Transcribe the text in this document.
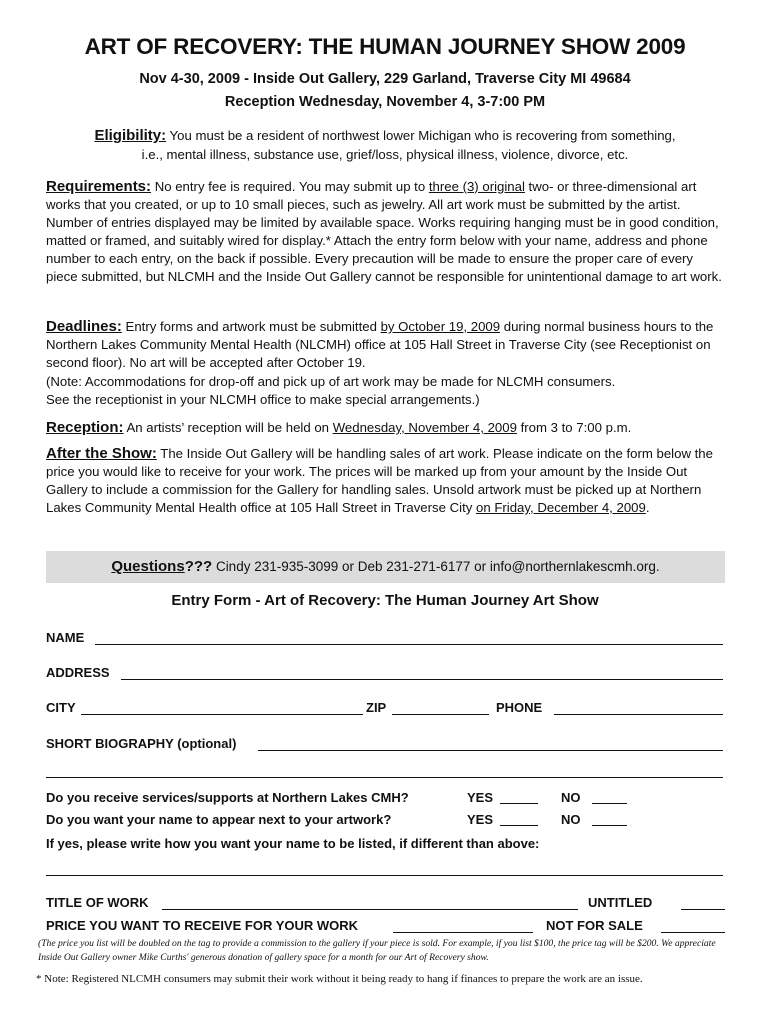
ART OF RECOVERY: THE HUMAN JOURNEY SHOW 2009
Nov 4-30, 2009 - Inside Out Gallery, 229 Garland, Traverse City MI 49684
Reception Wednesday, November 4, 3-7:00 PM
Eligibility: You must be a resident of northwest lower Michigan who is recovering from something,
i.e., mental illness, substance use, grief/loss, physical illness, violence, divorce, etc.
Requirements: No entry fee is required. You may submit up to three (3) original two- or three-dimensional art works that you created, or up to 10 small pieces, such as jewelry. All art work must be submitted by the artist. Number of entries displayed may be limited by available space. Works requiring hanging must be in good condition, matted or framed, and suitably wired for display.* Attach the entry form below with your name, address and phone number to each entry, on the back if possible. Every precaution will be made to ensure the proper care of every piece submitted, but NLCMH and the Inside Out Gallery cannot be responsible for unintentional damage to art work.
Deadlines: Entry forms and artwork must be submitted by October 19, 2009 during normal business hours to the Northern Lakes Community Mental Health (NLCMH) office at 105 Hall Street in Traverse City (see Receptionist on second floor). No art will be accepted after October 19.
(Note: Accommodations for drop-off and pick up of art work may be made for NLCMH consumers.
See the receptionist in your NLCMH office to make special arrangements.)
Reception: An artists’ reception will be held on Wednesday, November 4, 2009 from 3 to 7:00 p.m.
After the Show: The Inside Out Gallery will be handling sales of art work. Please indicate on the form below the price you would like to receive for your work. The prices will be marked up from your amount by the Inside Out Gallery to include a commission for the Gallery for handling sales. Unsold artwork must be picked up at Northern Lakes Community Mental Health office at 105 Hall Street in Traverse City on Friday, December 4, 2009.
Questions??? Cindy 231-935-3099 or Deb 231-271-6177 or info@northernlakescmh.org.
Entry Form - Art of Recovery: The Human Journey Art Show
NAME
ADDRESS
CITY	ZIP	PHONE
SHORT BIOGRAPHY (optional)
Do you receive services/supports at Northern Lakes CMH?	YES	NO
Do you want your name to appear next to your artwork?	YES	NO
If yes, please write how you want your name to be listed, if different than above:
TITLE OF WORK	UNTITLED
PRICE YOU WANT TO RECEIVE FOR YOUR WORK	NOT FOR SALE
(The price you list will be doubled on the tag to provide a commission to the gallery if your piece is sold. For example, if you list $100, the price tag will be $200. We appreciate Inside Out Gallery owner Mike Curths' generous donation of gallery space for a month for our Art of Recovery show.
* Note: Registered NLCMH consumers may submit their work without it being ready to hang if finances to prepare the work are an issue.
